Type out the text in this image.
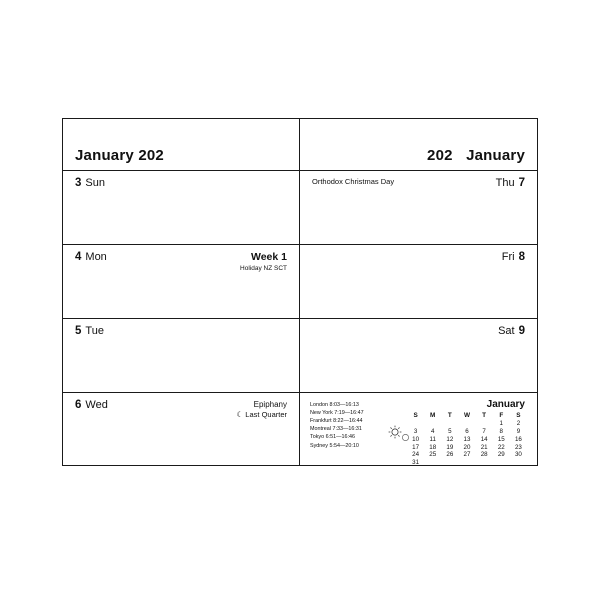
January 202
3 Sun
4 Mon	Week 1
Holiday NZ SCT
5 Tue
6 Wed	Epiphany
☾ Last Quarter
202 January
Orthodox Christmas Day	Thu 7
Fri 8
Sat 9
London 8:03—16:13
New York 7:19—16:47
Frankfurt 8:22—16:44
Montreal 7:33—16:31
Tokyo 6:51—16:46
Sydney 5:54—20:10
January
S	M	T	W	T	F	S
					1	2
3	4	5	6	7	8	9
10	11	12	13	14	15	16
17	18	19	20	21	22	23
24	25	26	27	28	29	30
31						
